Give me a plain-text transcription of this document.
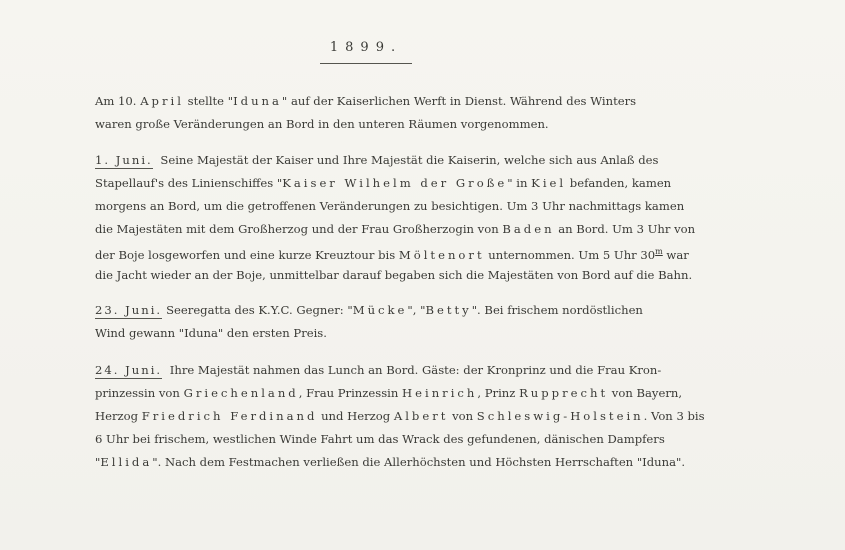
1899.
Am 10. April stellte "Iduna" auf der Kaiserlichen Werft in Dienst. Während des Winters
waren große Veränderungen an Bord in den unteren Räumen vorgenommen.
1. Juni. Seine Majestät der Kaiser und Ihre Majestät die Kaiserin, welche sich aus Anlaß des
Stapellauf's des Linienschiffes "Kaiser Wilhelm der Große" in Kiel befanden, kamen
morgens an Bord, um die getroffenen Veränderungen zu besichtigen. Um 3 Uhr nachmittags kamen
die Majestäten mit dem Großherzog und der Frau Großherzogin von Baden an Bord. Um 3 Uhr von
der Boje losgeworfen und eine kurze Kreuztour bis Möltenort unternommen. Um 5 Uhr 30$^m$ war
die Jacht wieder an der Boje, unmittelbar darauf begaben sich die Majestäten von Bord auf die Bahn.
23. Juni. Seeregatta des K.Y.C. Gegner: "Mücke", "Betty". Bei frischem nordöstlichen
Wind gewann "Iduna" den ersten Preis.
24. Juni. Ihre Majestät nahmen das Lunch an Bord. Gäste: der Kronprinz und die Frau Kron-
prinzessin von Griechenland, Frau Prinzessin Heinrich, Prinz Rupprecht von Bayern,
Herzog Friedrich Ferdinand und Herzog Albert von Schleswig-Holstein. Von 3 bis
6 Uhr bei frischem, westlichen Winde Fahrt um das Wrack des gefundenen, dänischen Dampfers
"Ellida". Nach dem Festmachen verließen die Allerhöchsten und Höchsten Herrschaften "Iduna".
